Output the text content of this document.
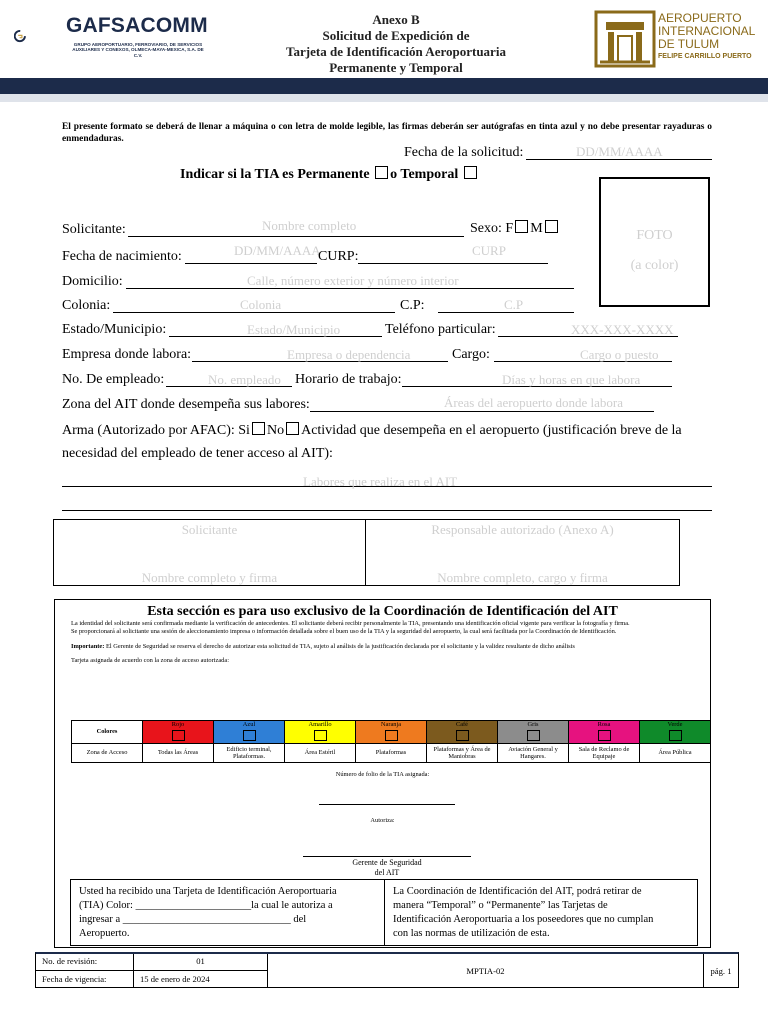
GAFSACOMM
GRUPO AEROPORTUARIO, FERROVIARIO, DE SERVICIOS AUXILIARES Y CONEXOS, OLMECA-MAYA-MEXICA, S.A. DE C.V.
Anexo B
Solicitud de Expedición de
Tarjeta de Identificación Aeroportuaria
Permanente y Temporal
AEROPUERTO
INTERNACIONAL
DE TULUM
FELIPE CARRILLO PUERTO
El presente formato se deberá de llenar a máquina o con letra de molde legible, las firmas deberán ser autógrafas en tinta azul y no debe presentar rayaduras o enmendaduras.
Fecha de la solicitud:	DD/MM/AAAA
Indicar si la TIA es Permanente o Temporal
FOTO
(a color)
Solicitante:	Nombre completo	Sexo: F M
Fecha de nacimiento:	DD/MM/AAAA
CURP:	CURP
Domicilio:	Calle, número exterior y número interior
Colonia:	Colonia	C.P:	C.P
Estado/Municipio:	Estado/Municipio	Teléfono particular:	XXX-XXX-XXXX
Empresa donde labora:	Empresa o dependencia	Cargo:	Cargo o puesto
No. De empleado:	No. empleado Horario de trabajo:	Días y horas en que labora
Zona del AIT donde desempeña sus labores:	Áreas del aeropuerto donde labora
Arma (Autorizado por AFAC): Si No Actividad que desempeña en el aeropuerto (justificación breve de la
necesidad del empleado de tener acceso al AIT):
Labores que realiza en el AIT
Solicitante
Nombre completo y firma
Responsable autorizado (Anexo A)
Nombre completo, cargo y firma
Esta sección es para uso exclusivo de la Coordinación de Identificación del AIT
La identidad del solicitante será confirmada mediante la verificación de antecedentes. El solicitante deberá recibir personalmente la TIA, presentando una identificación oficial vigente para verificar la fotografía y firma.
Se proporcionará al solicitante una sesión de aleccionamiento impresa o información detallada sobre el buen uso de la TIA y la seguridad del aeropuerto, la cual será facilitada por la Coordinación de Identificación.
Importante: El Gerente de Seguridad se reserva el derecho de autorizar esta solicitud de TIA, sujeto al análisis de la justificación declarada por el solicitante y la validez resultante de dicho análisis
Tarjeta asignada de acuerdo con la zona de acceso autorizada:
Colores	Rojo	Azul	Amarillo	Naranja	Café	Gris	Rosa	Verde

Zona de Acceso	Todas las Áreas	Edificio terminal, Plataformas.	Área Estéril	Plataformas	Plataformas y Área de Maniobras	Aviación General y Hangares.	Sala de Reclamo de Equipaje	Área Pública
Número de folio de la TIA asignada:
Autoriza:
Gerente de Seguridad
del AIT
Usted ha recibido una Tarjeta de Identificación Aeroportuaria
(TIA) Color: ______________________la cual le autoriza a
ingresar a ________________________________ del
Aeropuerto.
La Coordinación de Identificación del AIT, podrá retirar de
manera “Temporal” o “Permanente” las Tarjetas de
Identificación Aeroportuaria a los poseedores que no cumplan
con las normas de utilización de esta.
No. de revisión:	01
Fecha de vigencia:	15 de enero de 2024
MPTIA-02	pág. 1
